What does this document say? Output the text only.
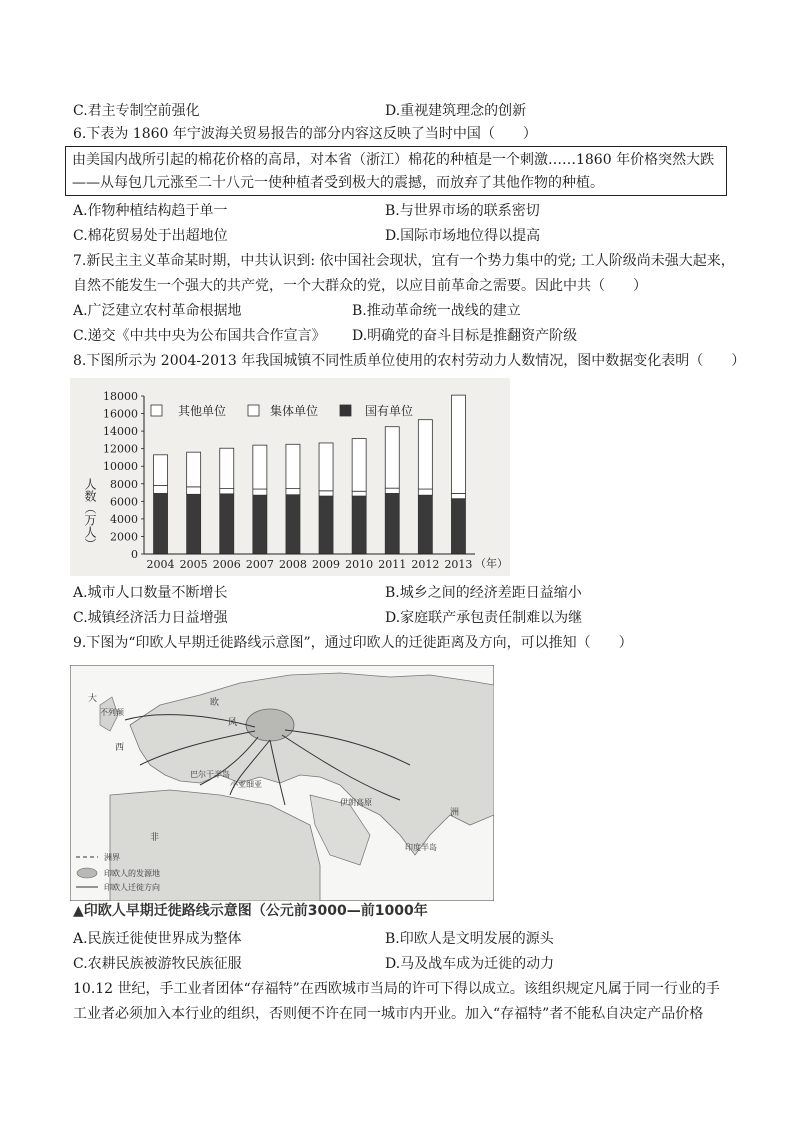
C.君主专制空前强化	D.重视建筑理念的创新
6.下表为 1860 年宁波海关贸易报告的部分内容这反映了当时中国（　　）
由美国内战所引起的棉花价格的高昂，对本省（浙江）棉花的种植是一个刺激……1860 年价格突然大跌
——从每包几元涨至二十八元一使种植者受到极大的震撼，而放弃了其他作物的种植。
A.作物种植结构趋于单一	B.与世界市场的联系密切
C.棉花贸易处于出超地位	D.国际市场地位得以提高
7.新民主主义革命某时期，中共认识到: 依中国社会现状，宜有一个势力集中的党; 工人阶级尚未强大起来，
自然不能发生一个强大的共产党，一个大群众的党，以应目前革命之需要。因此中共（　　）
A.广泛建立农村革命根据地	B.推动革命统一战线的建立
C.递交《中共中央为公布国共合作宣言》 D.明确党的奋斗目标是推翻资产阶级
8.下图所示为 2004-2013 年我国城镇不同性质单位使用的农村劳动力人数情况，图中数据变化表明（　　）
2004 2005 2006 2007 2008 2009 2010 2011 2012 2013
0
2000
4000
6000
8000
10000
12000
14000
16000
18000
人数（万人）
（年）
其他单位	集体单位	国有单位
A.城市人口数量不断增长	B.城乡之间的经济差距日益缩小
C.城镇经济活力日益增强	D.家庭联产承包责任制难以为继
9.下图为“印欧人早期迁徙路线示意图”，通过印欧人的迁徙距离及方向，可以推知（　　）
大
不列颠
西
欧
风
巴尔干半岛
小亚细亚
伊朗高原
非
洲
印度半岛
洲界
印欧人的发源地
印欧人迁徙方向
▲印欧人早期迁徙路线示意图（公元前3000—前1000年
A.民族迁徙使世界成为整体	B.印欧人是文明发展的源头
C.农耕民族被游牧民族征服	D.马及战车成为迁徙的动力
10.12 世纪，手工业者团体“存福特”在西欧城市当局的许可下得以成立。该组织规定凡属于同一行业的手
工业者必须加入本行业的组织，否则便不许在同一城市内开业。加入“存福特”者不能私自决定产品价格
